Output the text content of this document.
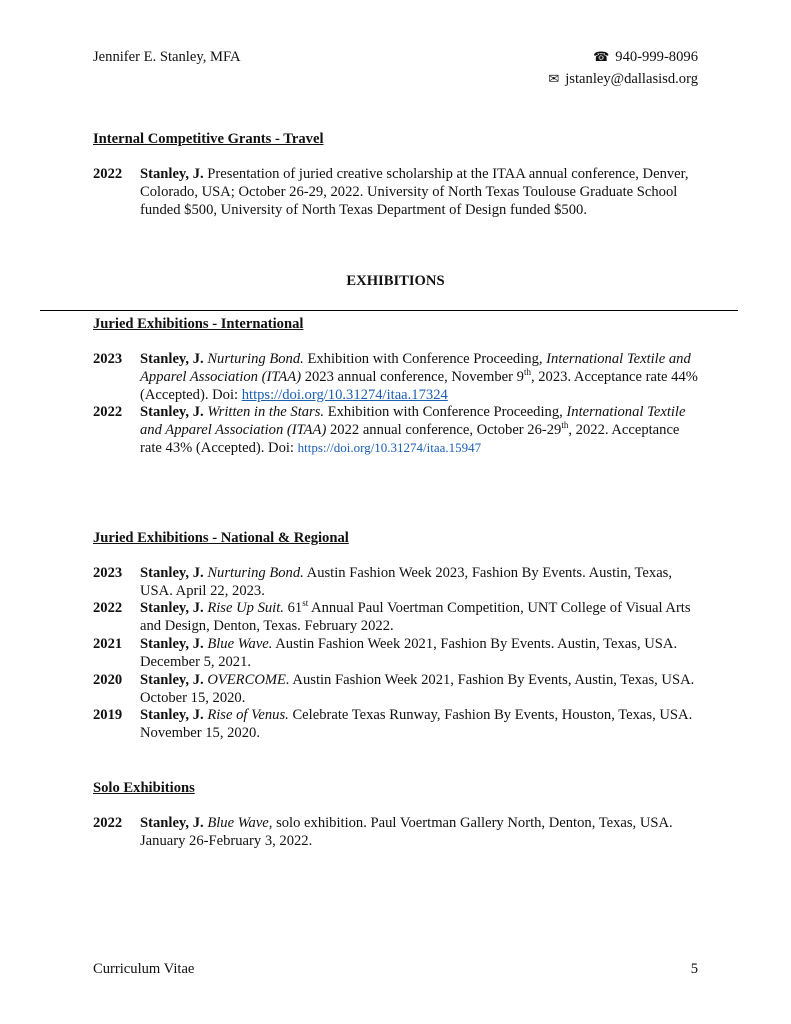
Jennifer E. Stanley, MFA	☎ 940-999-8096
✉ jstanley@dallasisd.org
Internal Competitive Grants - Travel
2022 Stanley, J. Presentation of juried creative scholarship at the ITAA annual conference, Denver, Colorado, USA; October 26-29, 2022. University of North Texas Toulouse Graduate School funded $500, University of North Texas Department of Design funded $500.
EXHIBITIONS
Juried Exhibitions - International
2023 Stanley, J. Nurturing Bond. Exhibition with Conference Proceeding, International Textile and Apparel Association (ITAA) 2023 annual conference, November 9th, 2023. Acceptance rate 44% (Accepted). Doi: https://doi.org/10.31274/itaa.17324
2022 Stanley, J. Written in the Stars. Exhibition with Conference Proceeding, International Textile and Apparel Association (ITAA) 2022 annual conference, October 26-29th, 2022. Acceptance rate 43% (Accepted). Doi: https://doi.org/10.31274/itaa.15947
Juried Exhibitions - National & Regional
2023 Stanley, J. Nurturing Bond. Austin Fashion Week 2023, Fashion By Events. Austin, Texas, USA. April 22, 2023.
2022 Stanley, J. Rise Up Suit. 61st Annual Paul Voertman Competition, UNT College of Visual Arts and Design, Denton, Texas. February 2022.
2021 Stanley, J. Blue Wave. Austin Fashion Week 2021, Fashion By Events. Austin, Texas, USA. December 5, 2021.
2020 Stanley, J. OVERCOME. Austin Fashion Week 2021, Fashion By Events, Austin, Texas, USA. October 15, 2020.
2019 Stanley, J. Rise of Venus. Celebrate Texas Runway, Fashion By Events, Houston, Texas, USA. November 15, 2020.
Solo Exhibitions
2022 Stanley, J. Blue Wave, solo exhibition. Paul Voertman Gallery North, Denton, Texas, USA. January 26-February 3, 2022.
Curriculum Vitae	5
